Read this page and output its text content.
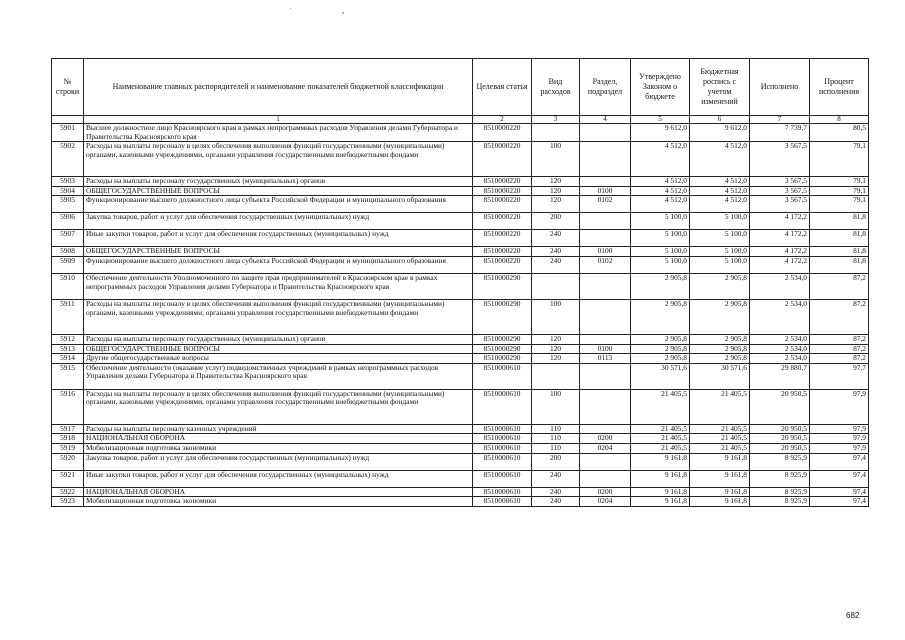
№ строки	Наименование главных распорядителей и наименование показателей бюджетной классификации	Целевая статья	Вид расходов	Раздел, подраздел	Утверждено Законом о бюджете	Бюджетная роспись с учетом изменений	Исполнено	Процент исполнения
	1	2	3	4	5	6	7	8
5901	Высшее должностное лицо Красноярского края в рамках непрограммных расходов Управления делами Губернатора и Правительства Красноярского края	8510000220			9 612,0	9 612,0	7 739,7	80,5
5902	Расходы на выплаты персоналу в целях обеспечения выполнения функций государственными (муниципальными) органами, казенными учреждениями, органами управления государственными внебюджетными фондами	8510000220	100		4 512,0	4 512,0	3 567,5	79,1
5903	Расходы на выплаты персоналу государственных (муниципальных) органов	8510000220	120		4 512,0	4 512,0	3 567,5	79,1
5904	ОБЩЕГОСУДАРСТВЕННЫЕ ВОПРОСЫ	8510000220	120	0100	4 512,0	4 512,0	3 567,5	79,1
5905	Функционирование высшего должностного лица субъекта Российской Федерации и муниципального образования	8510000220	120	0102	4 512,0	4 512,0	3 567,5	79,1
5906	Закупка товаров, работ и услуг для обеспечения государственных (муниципальных) нужд	8510000220	200		5 100,0	5 100,0	4 172,2	81,8
5907	Иные закупки товаров, работ и услуг для обеспечения государственных (муниципальных) нужд	8510000220	240		5 100,0	5 100,0	4 172,2	81,8
5908	ОБЩЕГОСУДАРСТВЕННЫЕ ВОПРОСЫ	8510000220	240	0100	5 100,0	5 100,0	4 172,2	81,8
5909	Функционирование высшего должностного лица субъекта Российской Федерации и муниципального образования	8510000220	240	0102	5 100,0	5 100,0	4 172,2	81,8
5910	Обеспечение деятельности Уполномоченного по защите прав предпринимателей в Красноярском крае в рамках непрограммных расходов Управления делами Губернатора и Правительства Красноярского края	8510000290			2 905,8	2 905,8	2 534,0	87,2
5911	Расходы на выплаты персоналу в целях обеспечения выполнения функций государственными (муниципальными) органами, казенными учреждениями, органами управления государственными внебюджетными фондами	8510000290	100		2 905,8	2 905,8	2 534,0	87,2
5912	Расходы на выплаты персоналу государственных (муниципальных) органов	8510000290	120		2 905,8	2 905,8	2 534,0	87,2
5913	ОБЩЕГОСУДАРСТВЕННЫЕ ВОПРОСЫ	8510000290	120	0100	2 905,8	2 905,8	2 534,0	87,2
5914	Другие общегосударственные вопросы	8510000290	120	0113	2 905,8	2 905,8	2 534,0	87,2
5915	Обеспечение деятельности (оказание услуг) подведомственных учреждений в рамках непрограммных расходов Управления делами Губернатора и Правительства Красноярского края	8510000610			30 571,6	30 571,6	29 880,7	97,7
5916	Расходы на выплаты персоналу в целях обеспечения выполнения функций государственными (муниципальными) органами, казенными учреждениями, органами управления государственными внебюджетными фондами	8510000610	100		21 405,5	21 405,5	20 950,5	97,9
5917	Расходы на выплаты персоналу казенных учреждений	8510000610	110		21 405,5	21 405,5	20 950,5	97,9
5918	НАЦИОНАЛЬНАЯ ОБОРОНА	8510000610	110	0200	21 405,5	21 405,5	20 950,5	97,9
5919	Мобилизационная подготовка экономики	8510000610	110	0204	21 405,5	21 405,5	20 950,5	97,9
5920	Закупка товаров, работ и услуг для обеспечения государственных (муниципальных) нужд	8510000610	200		9 161,8	9 161,8	8 925,9	97,4
5921	Иные закупки товаров, работ и услуг для обеспечения государственных (муниципальных) нужд	8510000610	240		9 161,8	9 161,8	8 925,9	97,4
5922	НАЦИОНАЛЬНАЯ ОБОРОНА	8510000610	240	0200	9 161,8	9 161,8	8 925,9	97,4
5923	Мобилизационная подготовка экономики	8510000610	240	0204	9 161,8	9 161,8	8 925,9	97,4
682
